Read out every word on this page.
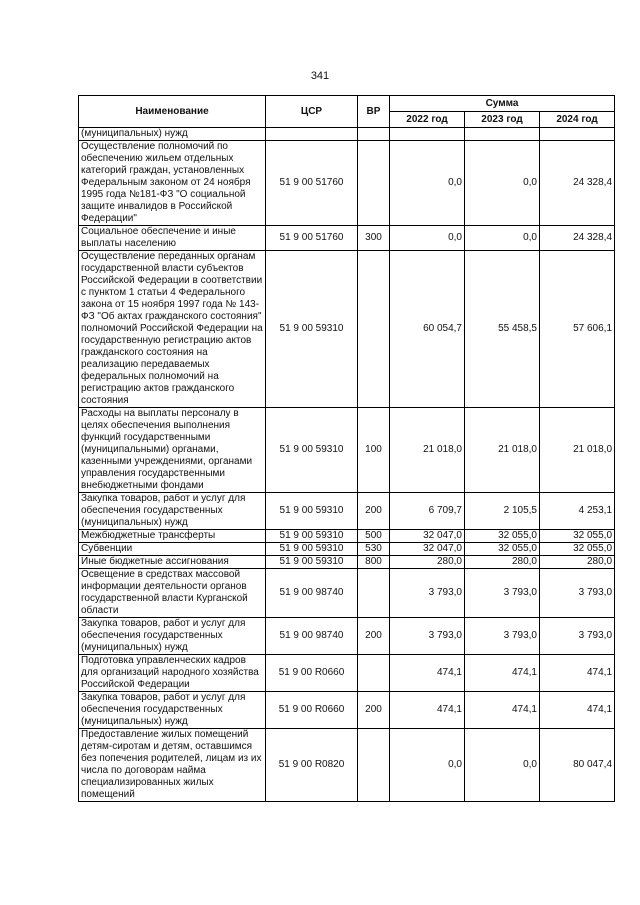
341
Наименование	ЦСР	ВР	Сумма		
			2022 год	2023 год	2024 год
(муниципальных) нужд					
Осуществление полномочий по обеспечению жильем отдельных категорий граждан, установленных Федеральным законом от 24 ноября 1995 года №181-ФЗ "О социальной защите инвалидов в Российской Федерации"	51 9 00 51760		0,0	0,0	24 328,4
Социальное обеспечение и иные выплаты населению	51 9 00 51760	300	0,0	0,0	24 328,4
Осуществление переданных органам государственной власти субъектов Российской Федерации в соответствии с пунктом 1 статьи 4 Федерального закона от 15 ноября 1997 года № 143-ФЗ "Об актах гражданского состояния" полномочий Российской Федерации на государственную регистрацию актов гражданского состояния на реализацию передаваемых федеральных полномочий на регистрацию актов гражданского состояния	51 9 00 59310		60 054,7	55 458,5	57 606,1
Расходы на выплаты персоналу в целях обеспечения выполнения функций государственными (муниципальными) органами, казенными учреждениями, органами управления государственными внебюджетными фондами	51 9 00 59310	100	21 018,0	21 018,0	21 018,0
Закупка товаров, работ и услуг для обеспечения государственных (муниципальных) нужд	51 9 00 59310	200	6 709,7	2 105,5	4 253,1
Межбюджетные трансферты	51 9 00 59310	500	32 047,0	32 055,0	32 055,0
Субвенции	51 9 00 59310	530	32 047,0	32 055,0	32 055,0
Иные бюджетные ассигнования	51 9 00 59310	800	280,0	280,0	280,0
Освещение в средствах массовой информации деятельности органов государственной власти Курганской области	51 9 00 98740		3 793,0	3 793,0	3 793,0
Закупка товаров, работ и услуг для обеспечения государственных (муниципальных) нужд	51 9 00 98740	200	3 793,0	3 793,0	3 793,0
Подготовка управленческих кадров для организаций народного хозяйства Российской Федерации	51 9 00 R0660		474,1	474,1	474,1
Закупка товаров, работ и услуг для обеспечения государственных (муниципальных) нужд	51 9 00 R0660	200	474,1	474,1	474,1
Предоставление жилых помещений детям-сиротам и детям, оставшимся без попечения родителей, лицам из их числа по договорам найма специализированных жилых помещений	51 9 00 R0820		0,0	0,0	80 047,4
